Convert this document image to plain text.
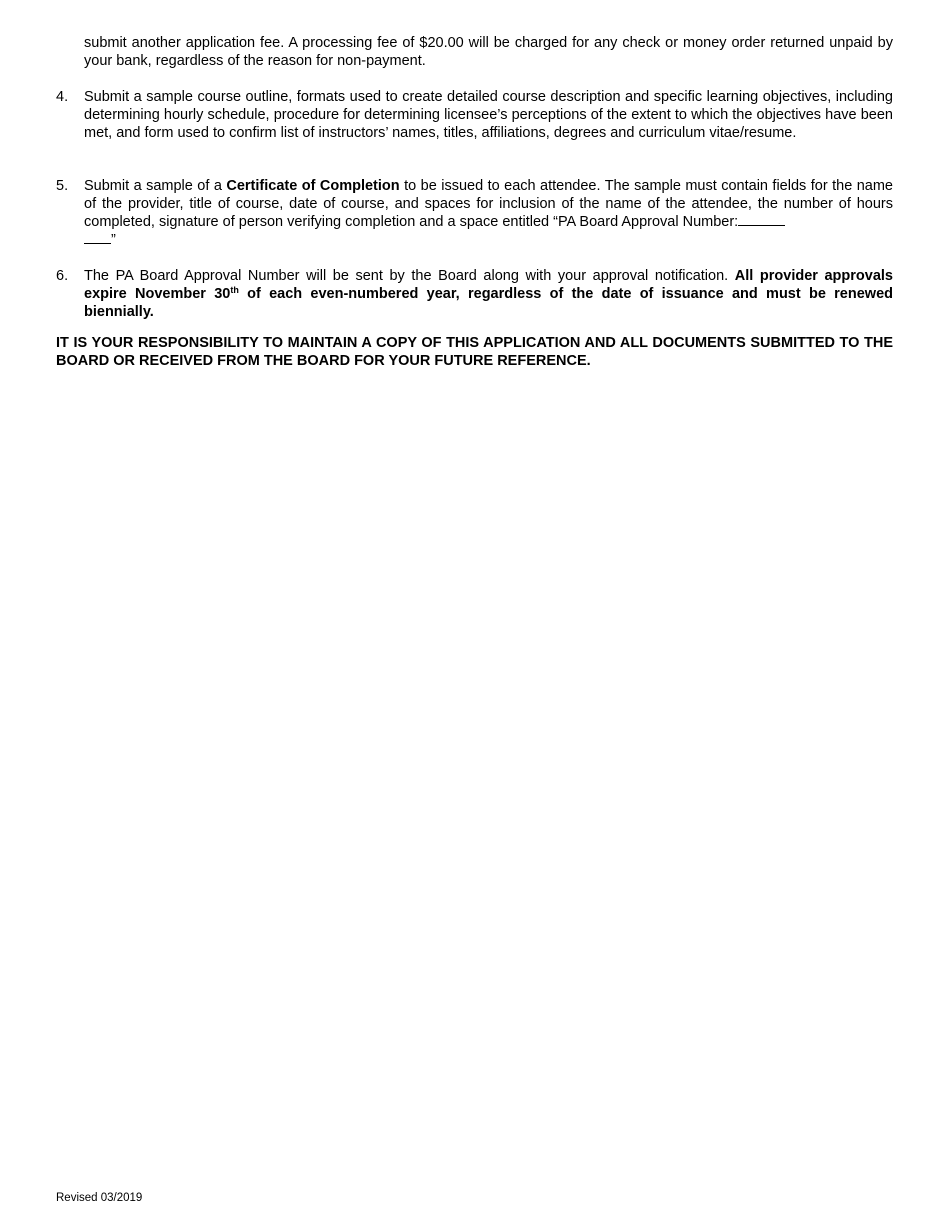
submit another application fee. A processing fee of $20.00 will be charged for any check or money order returned unpaid by your bank, regardless of the reason for non-payment.
4.	Submit a sample course outline, formats used to create detailed course description and specific learning objectives, including determining hourly schedule, procedure for determining licensee’s perceptions of the extent to which the objectives have been met, and form used to confirm list of instructors’ names, titles, affiliations, degrees and curriculum vitae/resume.
5.	Submit a sample of a Certificate of Completion to be issued to each attendee. The sample must contain fields for the name of the provider, title of course, date of course, and spaces for inclusion of the name of the attendee, the number of hours completed, signature of person verifying completion and a space entitled “PA Board Approval Number:
”
6.	The PA Board Approval Number will be sent by the Board along with your approval notification. All provider approvals expire November 30th of each even-numbered year, regardless of the date of issuance and must be renewed biennially.
IT IS YOUR RESPONSIBILITY TO MAINTAIN A COPY OF THIS APPLICATION AND ALL DOCUMENTS SUBMITTED TO THE BOARD OR RECEIVED FROM THE BOARD FOR YOUR FUTURE REFERENCE.
Revised 03/2019
